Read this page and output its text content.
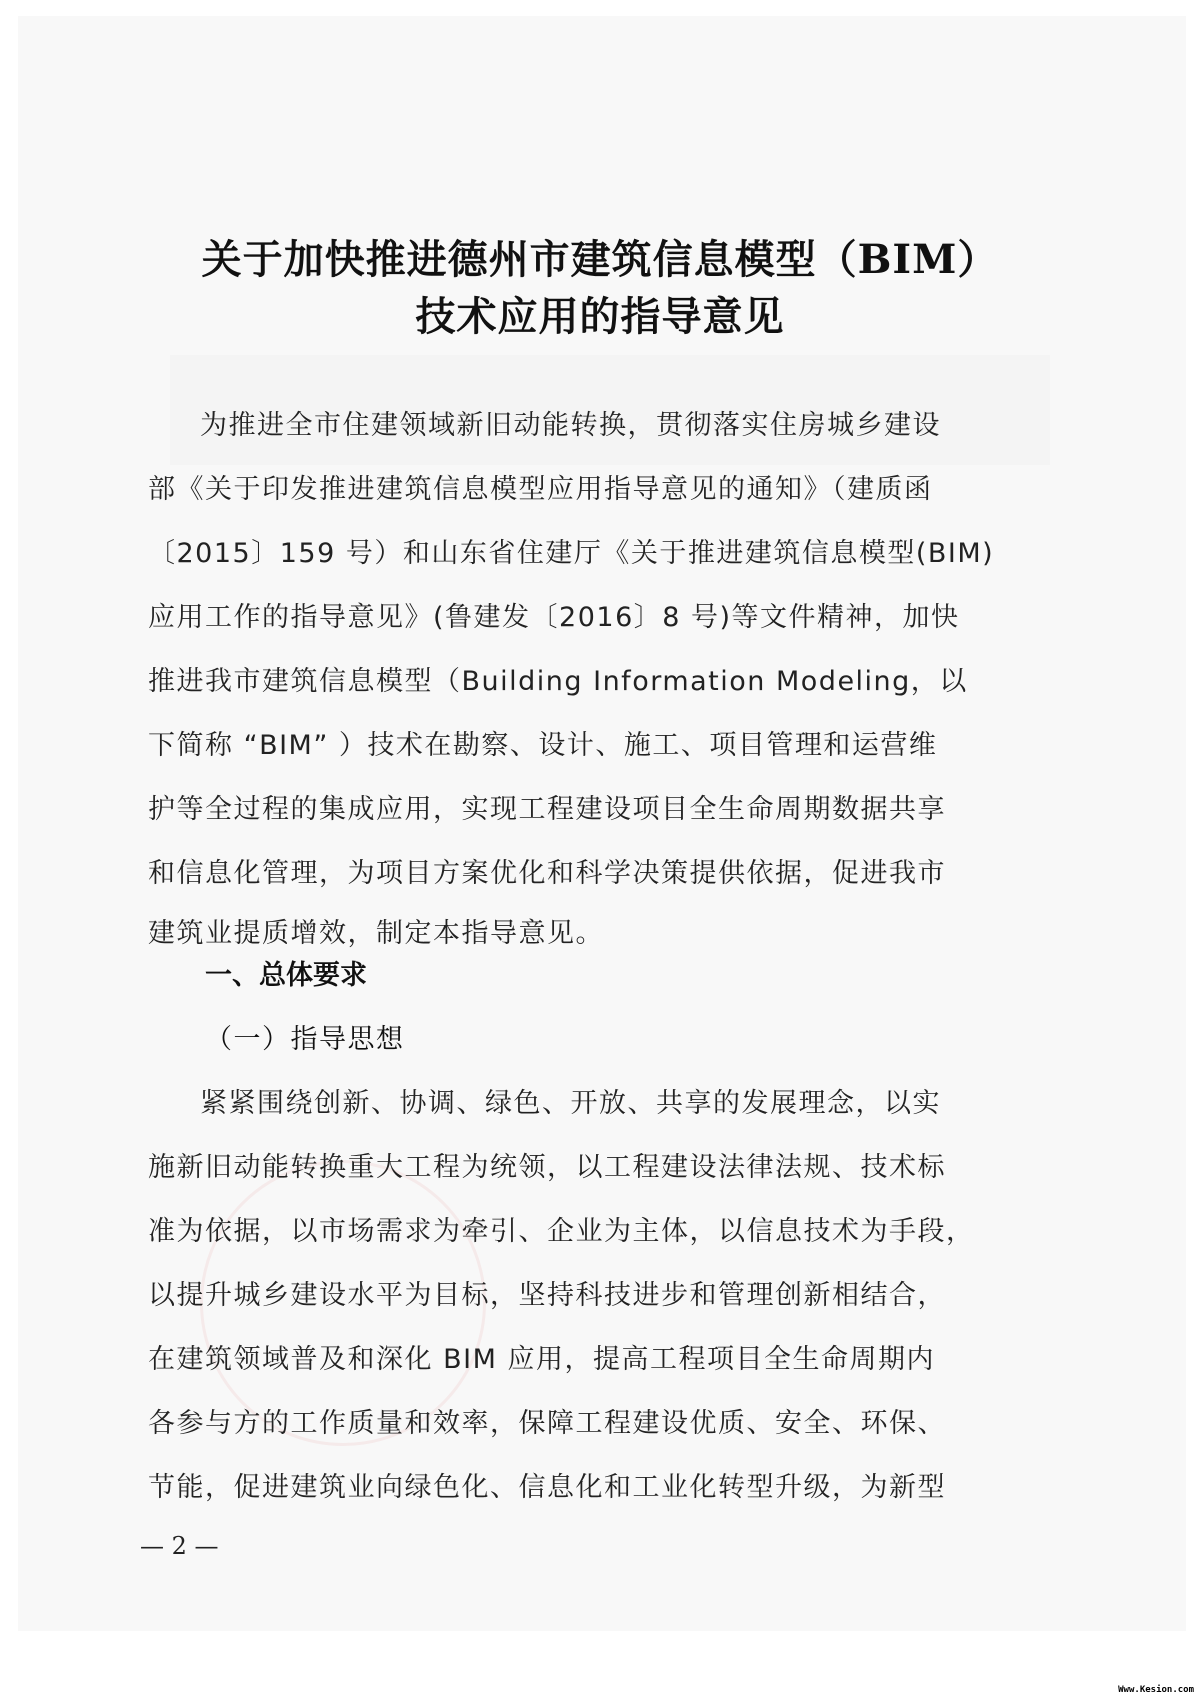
关于加快推进德州市建筑信息模型（BIM）
技术应用的指导意见
为推进全市住建领域新旧动能转换，贯彻落实住房城乡建设
部《关于印发推进建筑信息模型应用指导意见的通知》（建质函
〔2015〕159 号）和山东省住建厅《关于推进建筑信息模型(BIM)
应用工作的指导意见》(鲁建发〔2016〕8 号)等文件精神，加快
推进我市建筑信息模型（Building Information Modeling，以
下简称 “BIM” ）技术在勘察、设计、施工、项目管理和运营维
护等全过程的集成应用，实现工程建设项目全生命周期数据共享
和信息化管理，为项目方案优化和科学决策提供依据，促进我市
建筑业提质增效，制定本指导意见。
一、总体要求
（一）指导思想
紧紧围绕创新、协调、绿色、开放、共享的发展理念，以实
施新旧动能转换重大工程为统领，以工程建设法律法规、技术标
准为依据，以市场需求为牵引、企业为主体，以信息技术为手段，
以提升城乡建设水平为目标，坚持科技进步和管理创新相结合，
在建筑领域普及和深化 BIM 应用，提高工程项目全生命周期内
各参与方的工作质量和效率，保障工程建设优质、安全、环保、
节能，促进建筑业向绿色化、信息化和工业化转型升级，为新型
— 2 —
Www.Kesion.com
